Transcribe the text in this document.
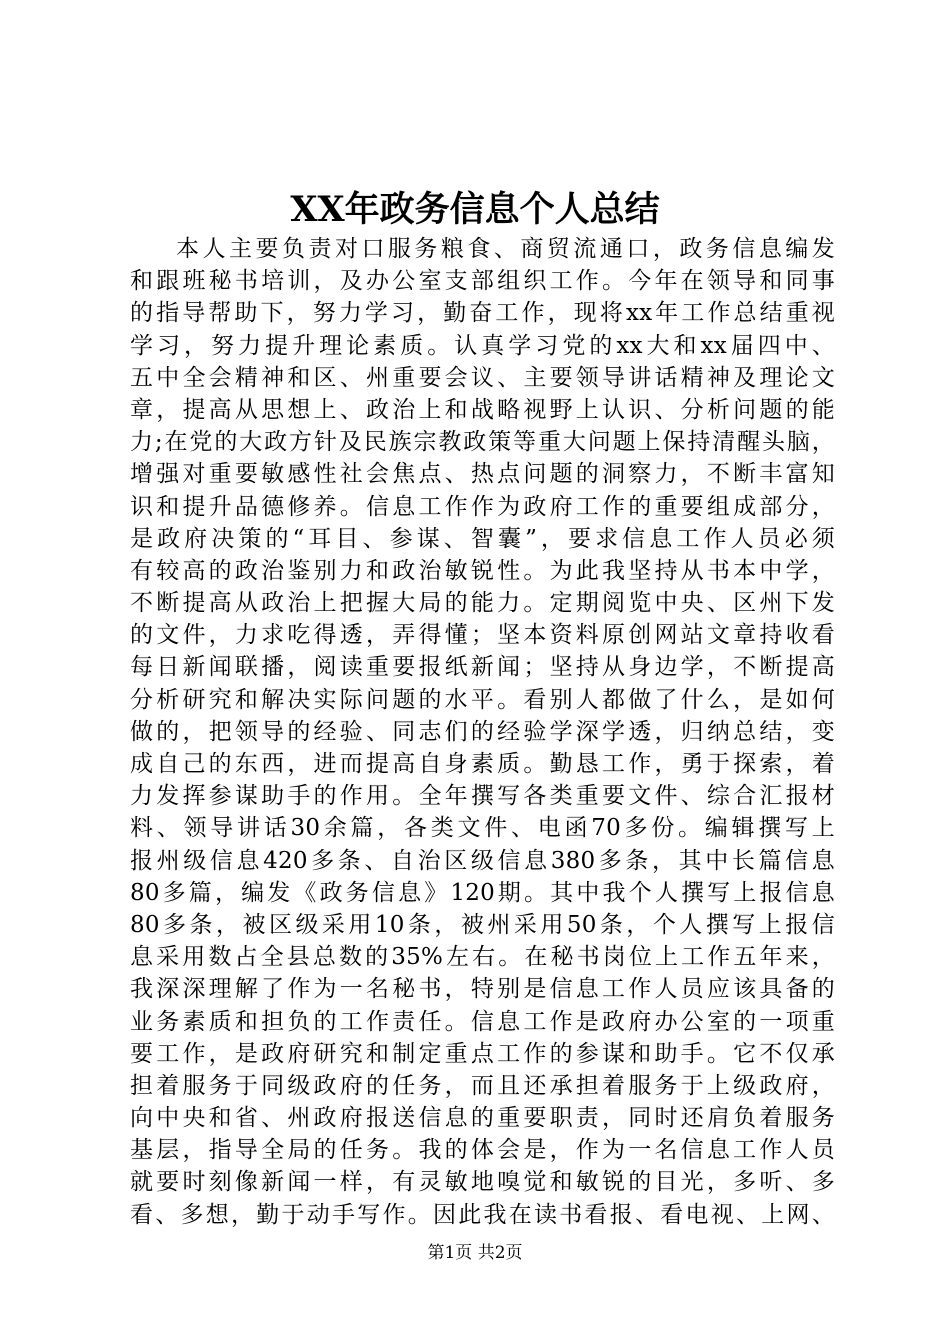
XX年政务信息个人总结
本人主要负责对口服务粮食、商贸流通口，政务信息编发
和跟班秘书培训，及办公室支部组织工作。今年在领导和同事
的指导帮助下，努力学习，勤奋工作，现将xx年工作总结重视
学习，努力提升理论素质。认真学习党的xx大和xx届四中、
五中全会精神和区、州重要会议、主要领导讲话精神及理论文
章，提高从思想上、政治上和战略视野上认识、分析问题的能
力;在党的大政方针及民族宗教政策等重大问题上保持清醒头脑，
增强对重要敏感性社会焦点、热点问题的洞察力，不断丰富知
识和提升品德修养。信息工作作为政府工作的重要组成部分，
是政府决策的“耳目、参谋、智囊”，要求信息工作人员必须
有较高的政治鉴别力和政治敏锐性。为此我坚持从书本中学，
不断提高从政治上把握大局的能力。定期阅览中央、区州下发
的文件，力求吃得透，弄得懂；坚本资料原创网站文章持收看
每日新闻联播，阅读重要报纸新闻；坚持从身边学，不断提高
分析研究和解决实际问题的水平。看别人都做了什么，是如何
做的，把领导的经验、同志们的经验学深学透，归纳总结，变
成自己的东西，进而提高自身素质。勤恳工作，勇于探索，着
力发挥参谋助手的作用。全年撰写各类重要文件、综合汇报材
料、领导讲话30余篇，各类文件、电函70多份。编辑撰写上
报州级信息420多条、自治区级信息380多条，其中长篇信息
80多篇，编发《政务信息》120期。其中我个人撰写上报信息
80多条，被区级采用10条，被州采用50条，个人撰写上报信
息采用数占全县总数的35%左右。在秘书岗位上工作五年来，
我深深理解了作为一名秘书，特别是信息工作人员应该具备的
业务素质和担负的工作责任。信息工作是政府办公室的一项重
要工作，是政府研究和制定重点工作的参谋和助手。它不仅承
担着服务于同级政府的任务，而且还承担着服务于上级政府，
向中央和省、州政府报送信息的重要职责，同时还肩负着服务
基层，指导全局的任务。我的体会是，作为一名信息工作人员
就要时刻像新闻一样，有灵敏地嗅觉和敏锐的目光，多听、多
看、多想，勤于动手写作。因此我在读书看报、看电视、上网、
第1页 共2页
